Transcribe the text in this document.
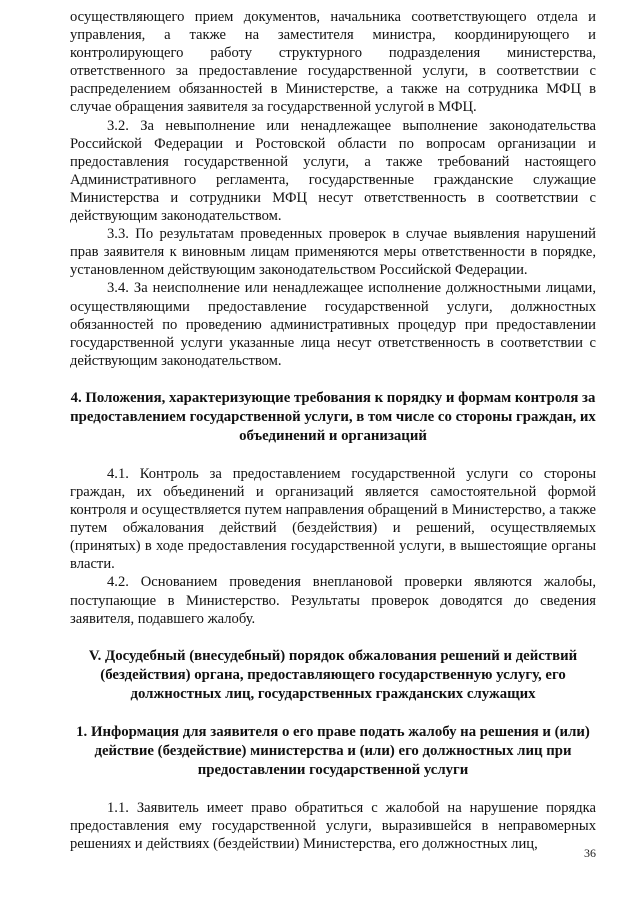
осуществляющего прием документов, начальника соответствующего отдела и управления, а также на заместителя министра, координирующего и контролирующего работу структурного подразделения министерства, ответственного за предоставление государственной услуги, в соответствии с распределением обязанностей в Министерстве, а также на сотрудника МФЦ в случае обращения заявителя за государственной услугой в МФЦ.

3.2. За невыполнение или ненадлежащее выполнение законодательства Российской Федерации и Ростовской области по вопросам организации и предоставления государственной услуги, а также требований настоящего Административного регламента, государственные гражданские служащие Министерства и сотрудники МФЦ несут ответственность в соответствии с действующим законодательством.

3.3. По результатам проведенных проверок в случае выявления нарушений прав заявителя к виновным лицам применяются меры ответственности в порядке, установленном действующим законодательством Российской Федерации.

3.4. За неисполнение или ненадлежащее исполнение должностными лицами, осуществляющими предоставление государственной услуги, должностных обязанностей по проведению административных процедур при предоставлении государственной услуги указанные лица несут ответственность в соответствии с действующим законодательством.

4. Положения, характеризующие требования к порядку и формам контроля за предоставлением государственной услуги, в том числе со стороны граждан, их объединений и организаций

4.1. Контроль за предоставлением государственной услуги со стороны граждан, их объединений и организаций является самостоятельной формой контроля и осуществляется путем направления обращений в Министерство, а также путем обжалования действий (бездействия) и решений, осуществляемых (принятых) в ходе предоставления государственной услуги, в вышестоящие органы власти.

4.2. Основанием проведения внеплановой проверки являются жалобы, поступающие в Министерство. Результаты проверок доводятся до сведения заявителя, подавшего жалобу.

V. Досудебный (внесудебный) порядок обжалования решений и действий (бездействия) органа, предоставляющего государственную услугу, его должностных лиц, государственных гражданских служащих

1. Информация для заявителя о его праве подать жалобу на решения и (или) действие (бездействие) министерства и (или) его должностных лиц при предоставлении государственной услуги

1.1. Заявитель имеет право обратиться с жалобой на нарушение порядка предоставления ему государственной услуги, выразившейся в неправомерных решениях и действиях (бездействии) Министерства, его должностных лиц,

36
